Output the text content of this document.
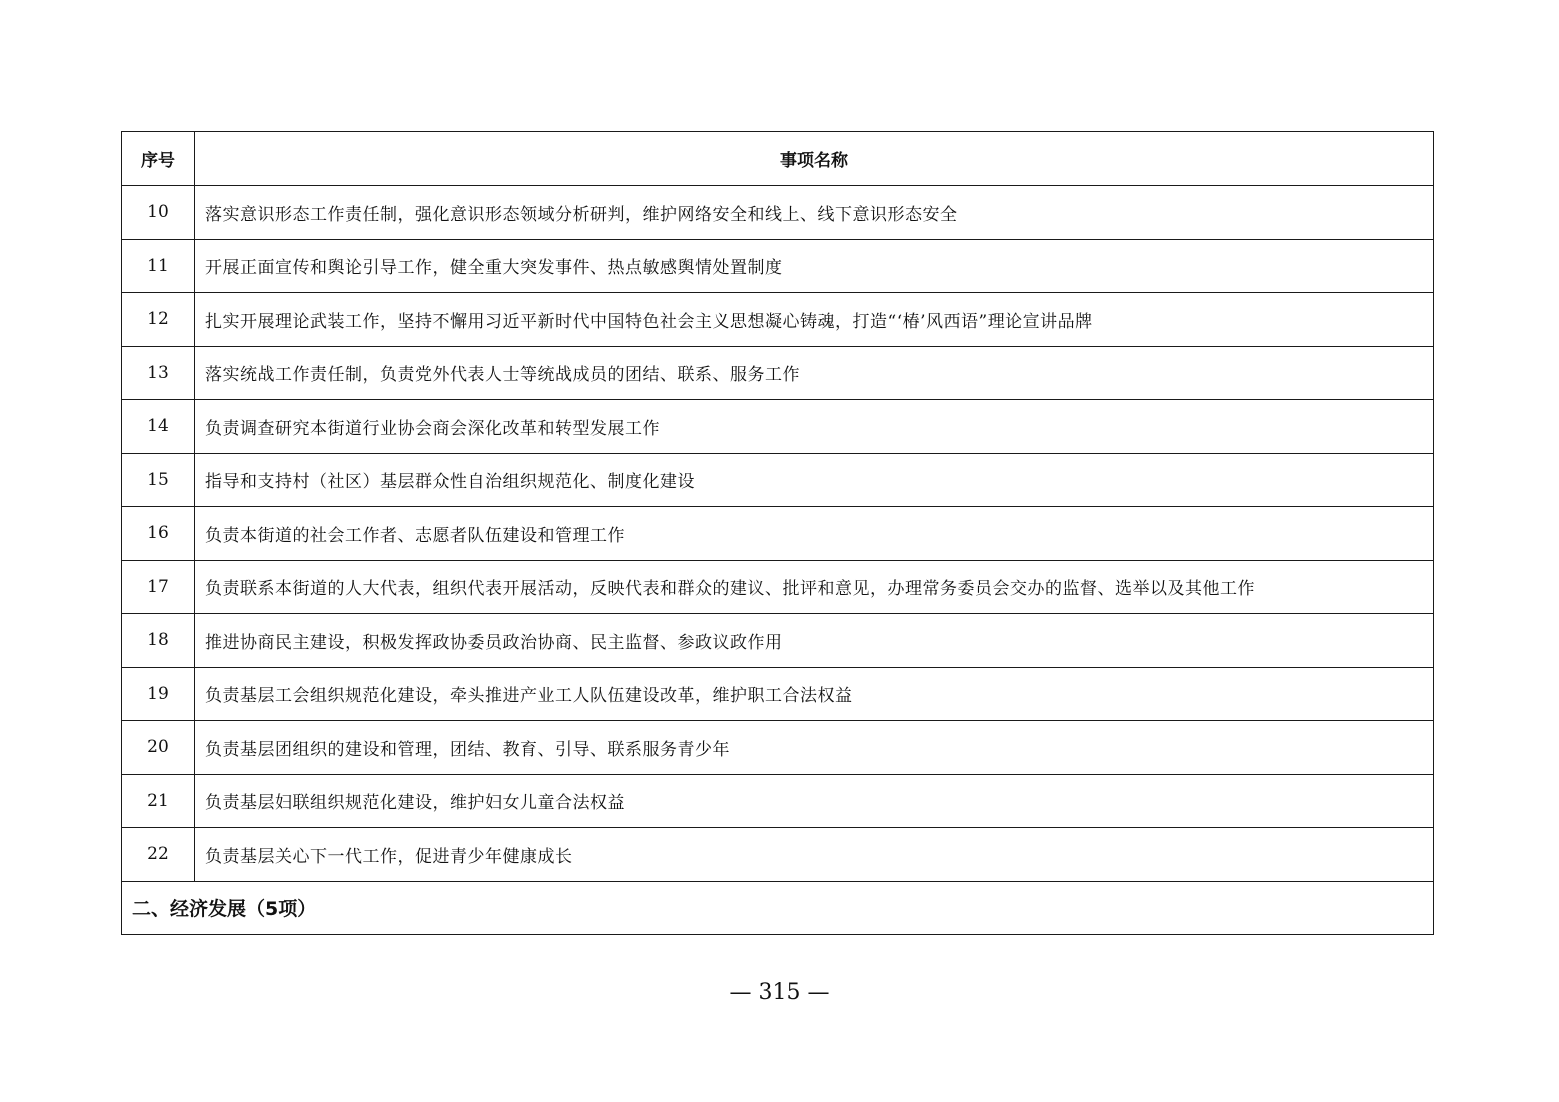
序号	事项名称
10	落实意识形态工作责任制，强化意识形态领域分析研判，维护网络安全和线上、线下意识形态安全
11	开展正面宣传和舆论引导工作，健全重大突发事件、热点敏感舆情处置制度
12	扎实开展理论武装工作，坚持不懈用习近平新时代中国特色社会主义思想凝心铸魂，打造“‘椿’风西语”理论宣讲品牌
13	落实统战工作责任制，负责党外代表人士等统战成员的团结、联系、服务工作
14	负责调查研究本街道行业协会商会深化改革和转型发展工作
15	指导和支持村（社区）基层群众性自治组织规范化、制度化建设
16	负责本街道的社会工作者、志愿者队伍建设和管理工作
17	负责联系本街道的人大代表，组织代表开展活动，反映代表和群众的建议、批评和意见，办理常务委员会交办的监督、选举以及其他工作
18	推进协商民主建设，积极发挥政协委员政治协商、民主监督、参政议政作用
19	负责基层工会组织规范化建设，牵头推进产业工人队伍建设改革，维护职工合法权益
20	负责基层团组织的建设和管理，团结、教育、引导、联系服务青少年
21	负责基层妇联组织规范化建设，维护妇女儿童合法权益
22	负责基层关心下一代工作，促进青少年健康成长
二、经济发展（5项）	
— 315 —
